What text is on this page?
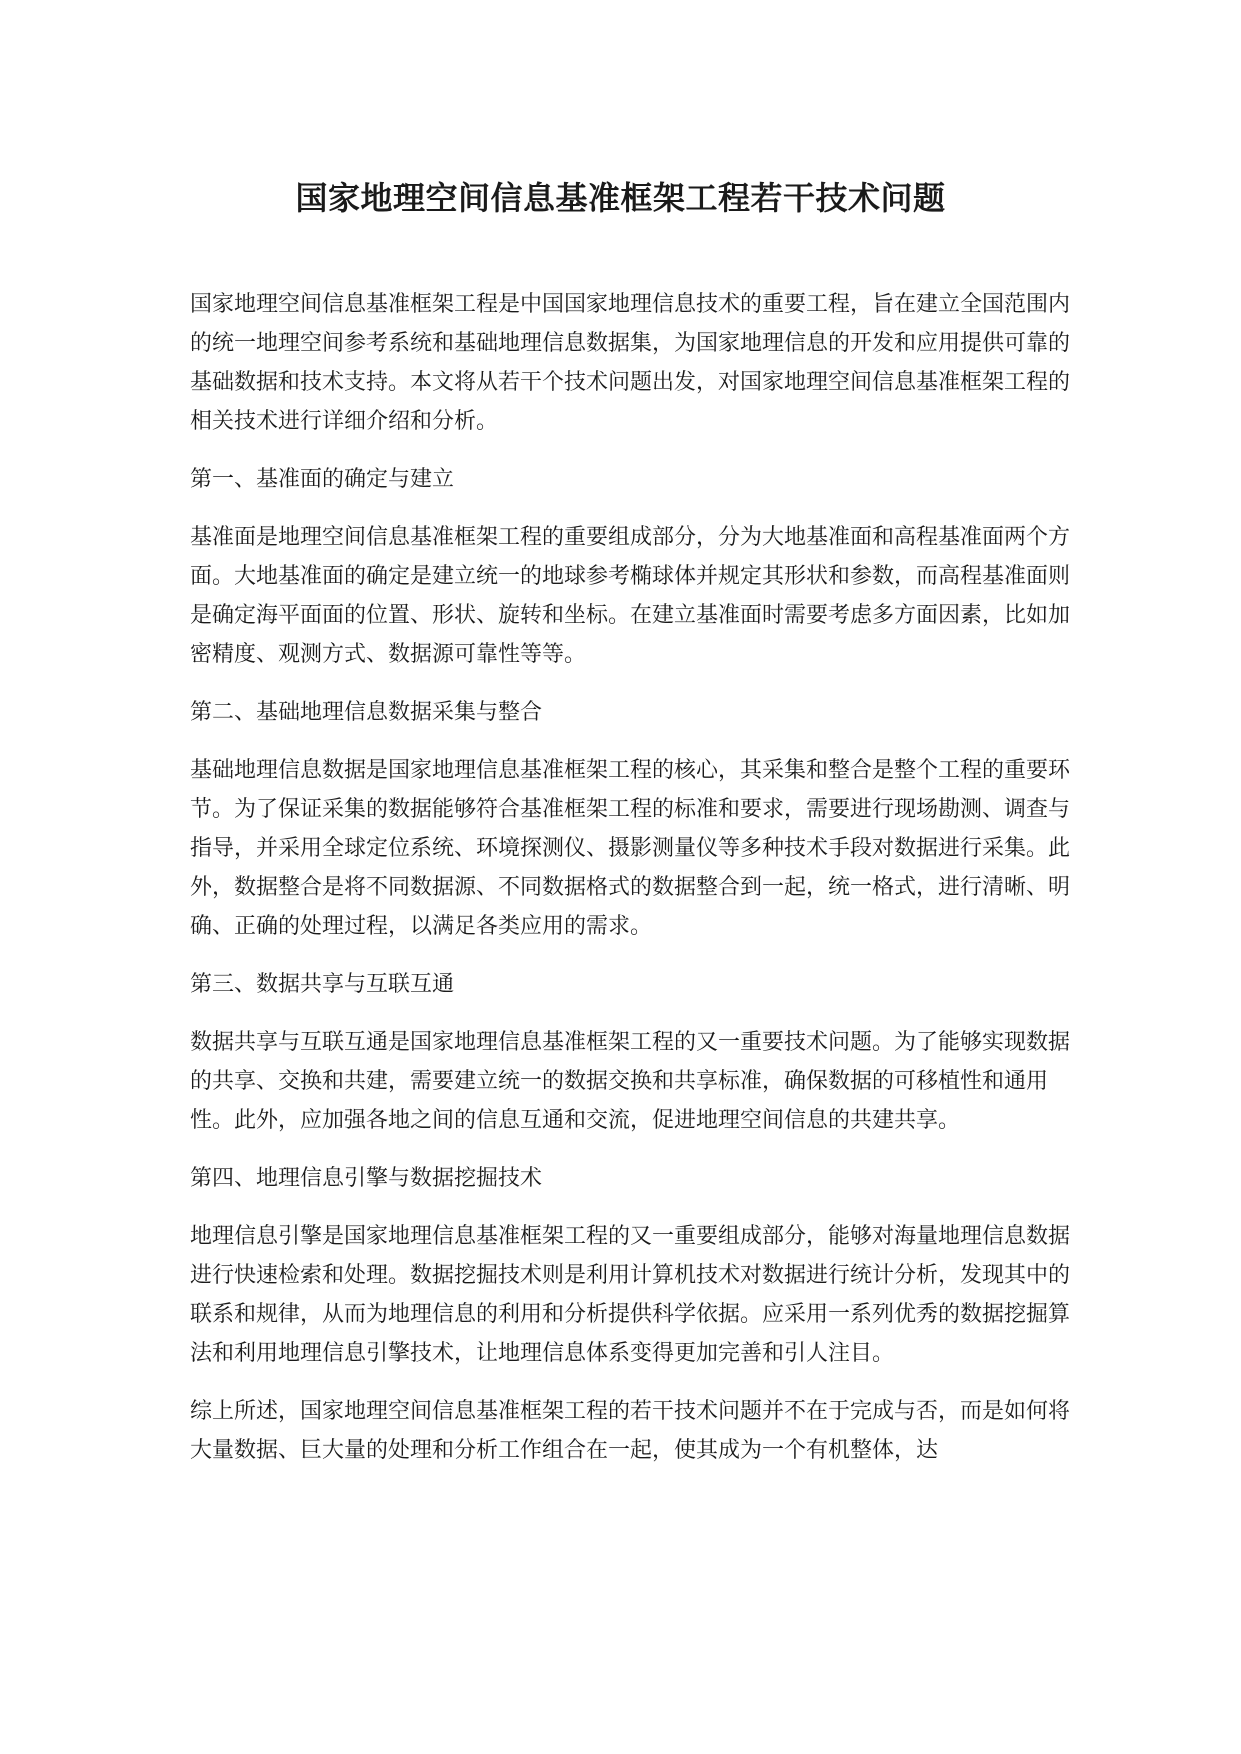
国家地理空间信息基准框架工程若干技术问题

国家地理空间信息基准框架工程是中国国家地理信息技术的重要工程，旨在建立全国范围内的统一地理空间参考系统和基础地理信息数据集，为国家地理信息的开发和应用提供可靠的基础数据和技术支持。本文将从若干个技术问题出发，对国家地理空间信息基准框架工程的相关技术进行详细介绍和分析。

第一、基准面的确定与建立

基准面是地理空间信息基准框架工程的重要组成部分，分为大地基准面和高程基准面两个方面。大地基准面的确定是建立统一的地球参考椭球体并规定其形状和参数，而高程基准面则是确定海平面面的位置、形状、旋转和坐标。在建立基准面时需要考虑多方面因素，比如加密精度、观测方式、数据源可靠性等等。

第二、基础地理信息数据采集与整合

基础地理信息数据是国家地理信息基准框架工程的核心，其采集和整合是整个工程的重要环节。为了保证采集的数据能够符合基准框架工程的标准和要求，需要进行现场勘测、调查与指导，并采用全球定位系统、环境探测仪、摄影测量仪等多种技术手段对数据进行采集。此外，数据整合是将不同数据源、不同数据格式的数据整合到一起，统一格式，进行清晰、明确、正确的处理过程，以满足各类应用的需求。

第三、数据共享与互联互通

数据共享与互联互通是国家地理信息基准框架工程的又一重要技术问题。为了能够实现数据的共享、交换和共建，需要建立统一的数据交换和共享标准，确保数据的可移植性和通用性。此外，应加强各地之间的信息互通和交流，促进地理空间信息的共建共享。

第四、地理信息引擎与数据挖掘技术

地理信息引擎是国家地理信息基准框架工程的又一重要组成部分，能够对海量地理信息数据进行快速检索和处理。数据挖掘技术则是利用计算机技术对数据进行统计分析，发现其中的联系和规律，从而为地理信息的利用和分析提供科学依据。应采用一系列优秀的数据挖掘算法和利用地理信息引擎技术，让地理信息体系变得更加完善和引人注目。

综上所述，国家地理空间信息基准框架工程的若干技术问题并不在于完成与否，而是如何将大量数据、巨大量的处理和分析工作组合在一起，使其成为一个有机整体，达
